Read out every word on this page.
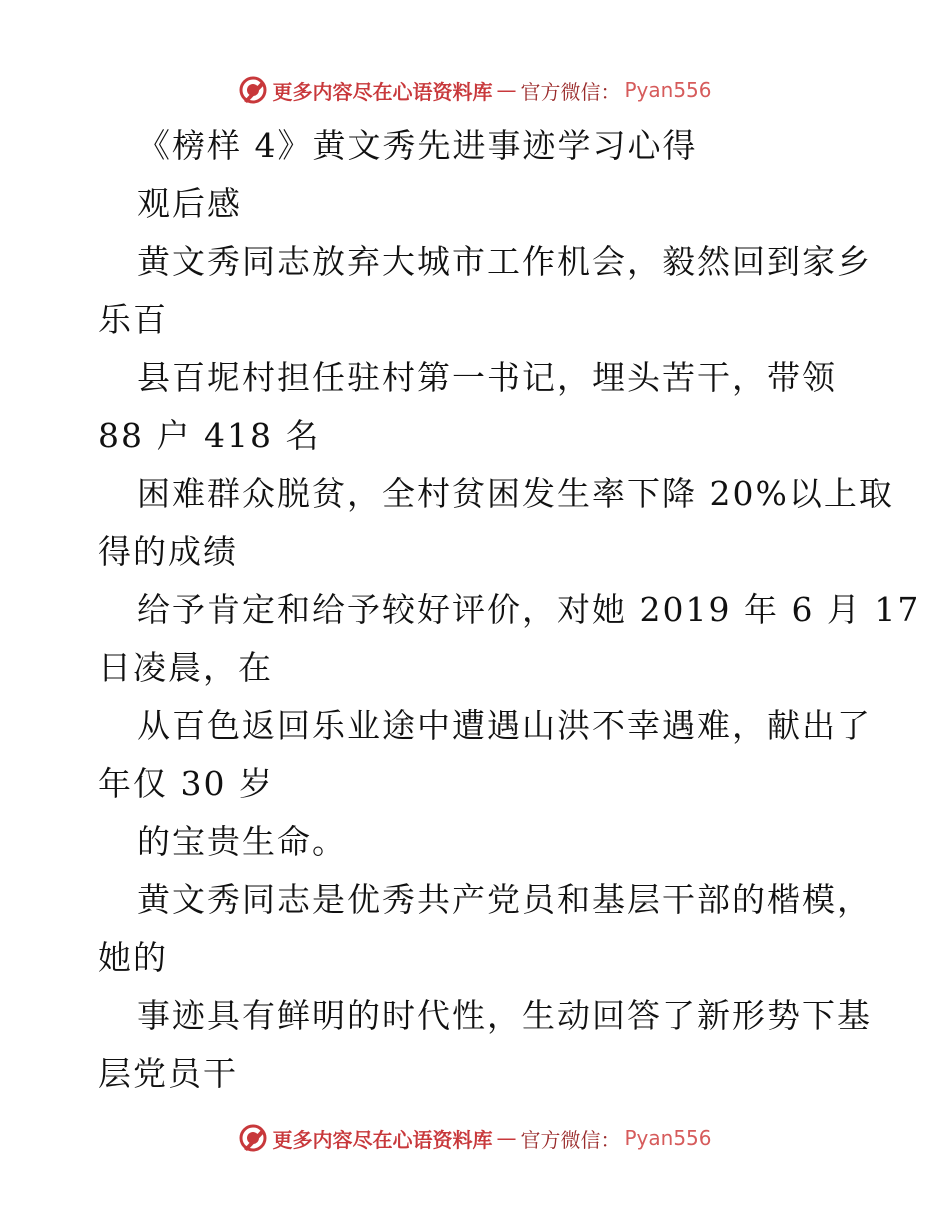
更多内容尽在心语资料库 — 官方微信： Pyan556
《榜样 4》黄文秀先进事迹学习心得
观后感
黄文秀同志放弃大城市工作机会，毅然回到家乡
乐百
县百坭村担任驻村第一书记，埋头苦干，带领
88 户 418 名
困难群众脱贫，全村贫困发生率下降 20%以上取
得的成绩
给予肯定和给予较好评价，对她 2019 年 6 月 17
日凌晨，在
从百色返回乐业途中遭遇山洪不幸遇难，献出了
年仅 30 岁
的宝贵生命。
黄文秀同志是优秀共产党员和基层干部的楷模，
她的
事迹具有鲜明的时代性，生动回答了新形势下基
层党员干
更多内容尽在心语资料库 — 官方微信： Pyan556
